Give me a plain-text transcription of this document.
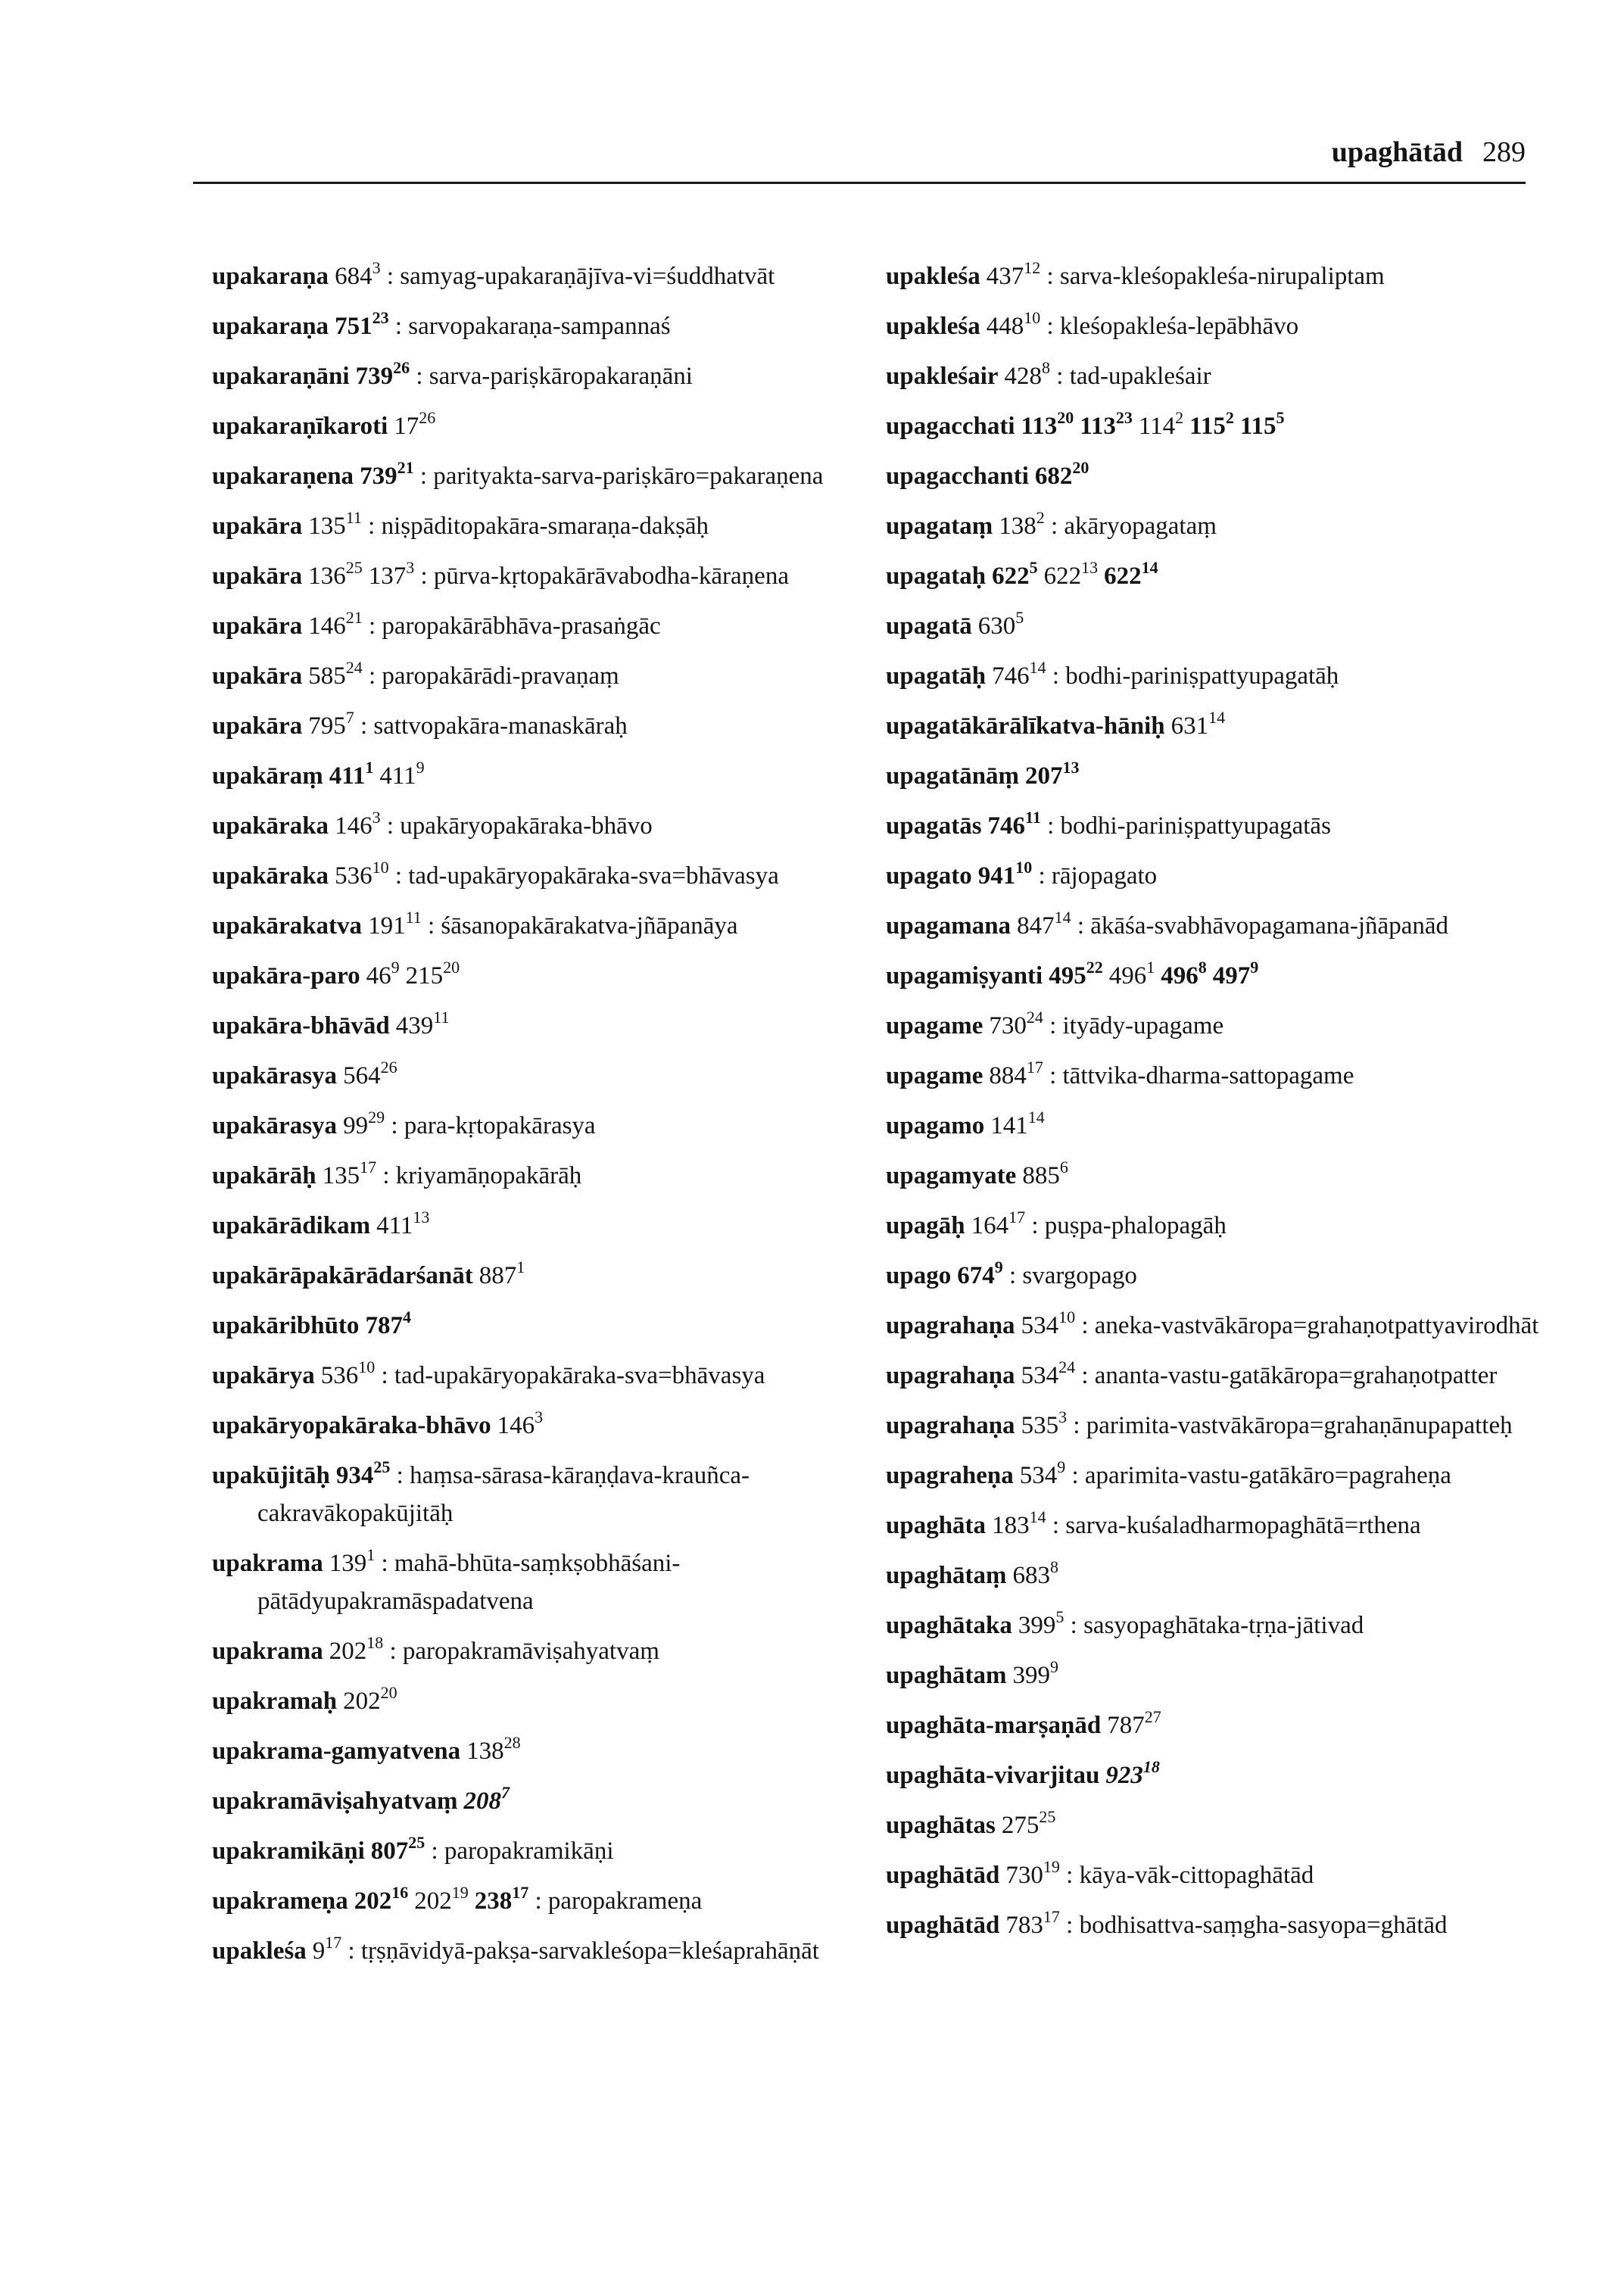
upaghātād 289
upakaraṇa $684^3$ : samyag-upakaraṇājīva-vi=śuddhatvāt
upakaraṇa $751^{23}$ : sarvopakaraṇa-sampannaś
upakaraṇāni $739^{26}$ : sarva-pariṣkāropakaraṇāni
upakaraṇīkaroti $17^{26}$
upakaraṇena $739^{21}$ : parityakta-sarva-pariṣkāro=pakaraṇena
upakāra $135^{11}$ : niṣpāditopakāra-smaraṇa-dakṣāḥ
upakāra $136^{25}$ $137^3$ : pūrva-kṛtopakārāvabodha-kāraṇena
upakāra $146^{21}$ : paropakārābhāva-prasaṅgāc
upakāra $585^{24}$ : paropakārādi-pravaṇaṃ
upakāra $795^7$ : sattvopakāra-manaskāraḥ
upakāraṃ $411^1$ $411^9$
upakāraka $146^3$ : upakāryopakāraka-bhāvo
upakāraka $536^{10}$ : tad-upakāryopakāraka-sva=bhāvasya
upakārakatva $191^{11}$ : śāsanopakārakatva-jñāpanāya
upakāra-paro $46^9$ $215^{20}$
upakāra-bhāvād $439^{11}$
upakārasya $564^{26}$
upakārasya $99^{29}$ : para-kṛtopakārasya
upakārāḥ $135^{17}$ : kriyamāṇopakārāḥ
upakārādikam $411^{13}$
upakārāpakārādarśanāt $887^1$
upakāribhūto $787^4$
upakārya $536^{10}$ : tad-upakāryopakāraka-sva=bhāvasya
upakāryopakāraka-bhāvo $146^3$
upakūjitāḥ $934^{25}$ : haṃsa-sārasa-kāraṇḍava-krauñca-cakravākopakūjitāḥ
upakrama $139^1$ : mahā-bhūta-saṃkṣobhāśani-pātādyupakramāspadatvena
upakrama $202^{18}$ : paropakramāviṣahyatvaṃ
upakramaḥ $202^{20}$
upakrama-gamyatvena $138^{28}$
upakramāviṣahyatvaṃ $208^7$
upakramikāṇi $807^{25}$ : paropakramikāṇi
upakrameṇa $202^{16}$ $202^{19}$ $238^{17}$ : paropakrameṇa
upakleśa $9^{17}$ : tṛṣṇāvidyā-pakṣa-sarvakleśopa=kleśaprahāṇāt
upakleśa $437^{12}$ : sarva-kleśopakleśa-nirupaliptam
upakleśa $448^{10}$ : kleśopakleśa-lepābhāvo
upakleśair $428^8$ : tad-upakleśair
upagacchati $113^{20}$ $113^{23}$ $114^2$ $115^2$ $115^5$
upagacchanti $682^{20}$
upagataṃ $138^2$ : akāryopagataṃ
upagataḥ $622^5$ $622^{13}$ $622^{14}$
upagatā $630^5$
upagatāḥ $746^{14}$ : bodhi-pariniṣpattyupagatāḥ
upagatākārālīkatva-hāniḥ $631^{14}$
upagatānāṃ $207^{13}$
upagatās $746^{11}$ : bodhi-pariniṣpattyupagatās
upagato $941^{10}$ : rājopagato
upagamana $847^{14}$ : ākāśa-svabhāvopagamana-jñāpanād
upagamiṣyanti $495^{22}$ $496^1$ $496^8$ $497^9$
upagame $730^{24}$ : ityādy-upagame
upagame $884^{17}$ : tāttvika-dharma-sattopagame
upagamo $141^{14}$
upagamyate $885^6$
upagāḥ $164^{17}$ : puṣpa-phalopagāḥ
upago $674^9$ : svargopago
upagrahaṇa $534^{10}$ : aneka-vastvākāropa=grahaṇotpattyavirodhāt
upagrahaṇa $534^{24}$ : ananta-vastu-gatākāropa=grahaṇotpatter
upagrahaṇa $535^3$ : parimita-vastvākāropa=grahaṇānupapatteḥ
upagraheṇa $534^9$ : aparimita-vastu-gatākāro=pagraheṇa
upaghāta $183^{14}$ : sarva-kuśaladharmopaghātā=rthena
upaghātaṃ $683^8$
upaghātaka $399^5$ : sasyopaghātaka-tṛṇa-jātivad
upaghātam $399^9$
upaghāta-marṣaṇād $787^{27}$
upaghāta-vivarjitau $923^{18}$
upaghātas $275^{25}$
upaghātād $730^{19}$ : kāya-vāk-cittopaghātād
upaghātād $783^{17}$ : bodhisattva-saṃgha-sasyopa=ghātād
